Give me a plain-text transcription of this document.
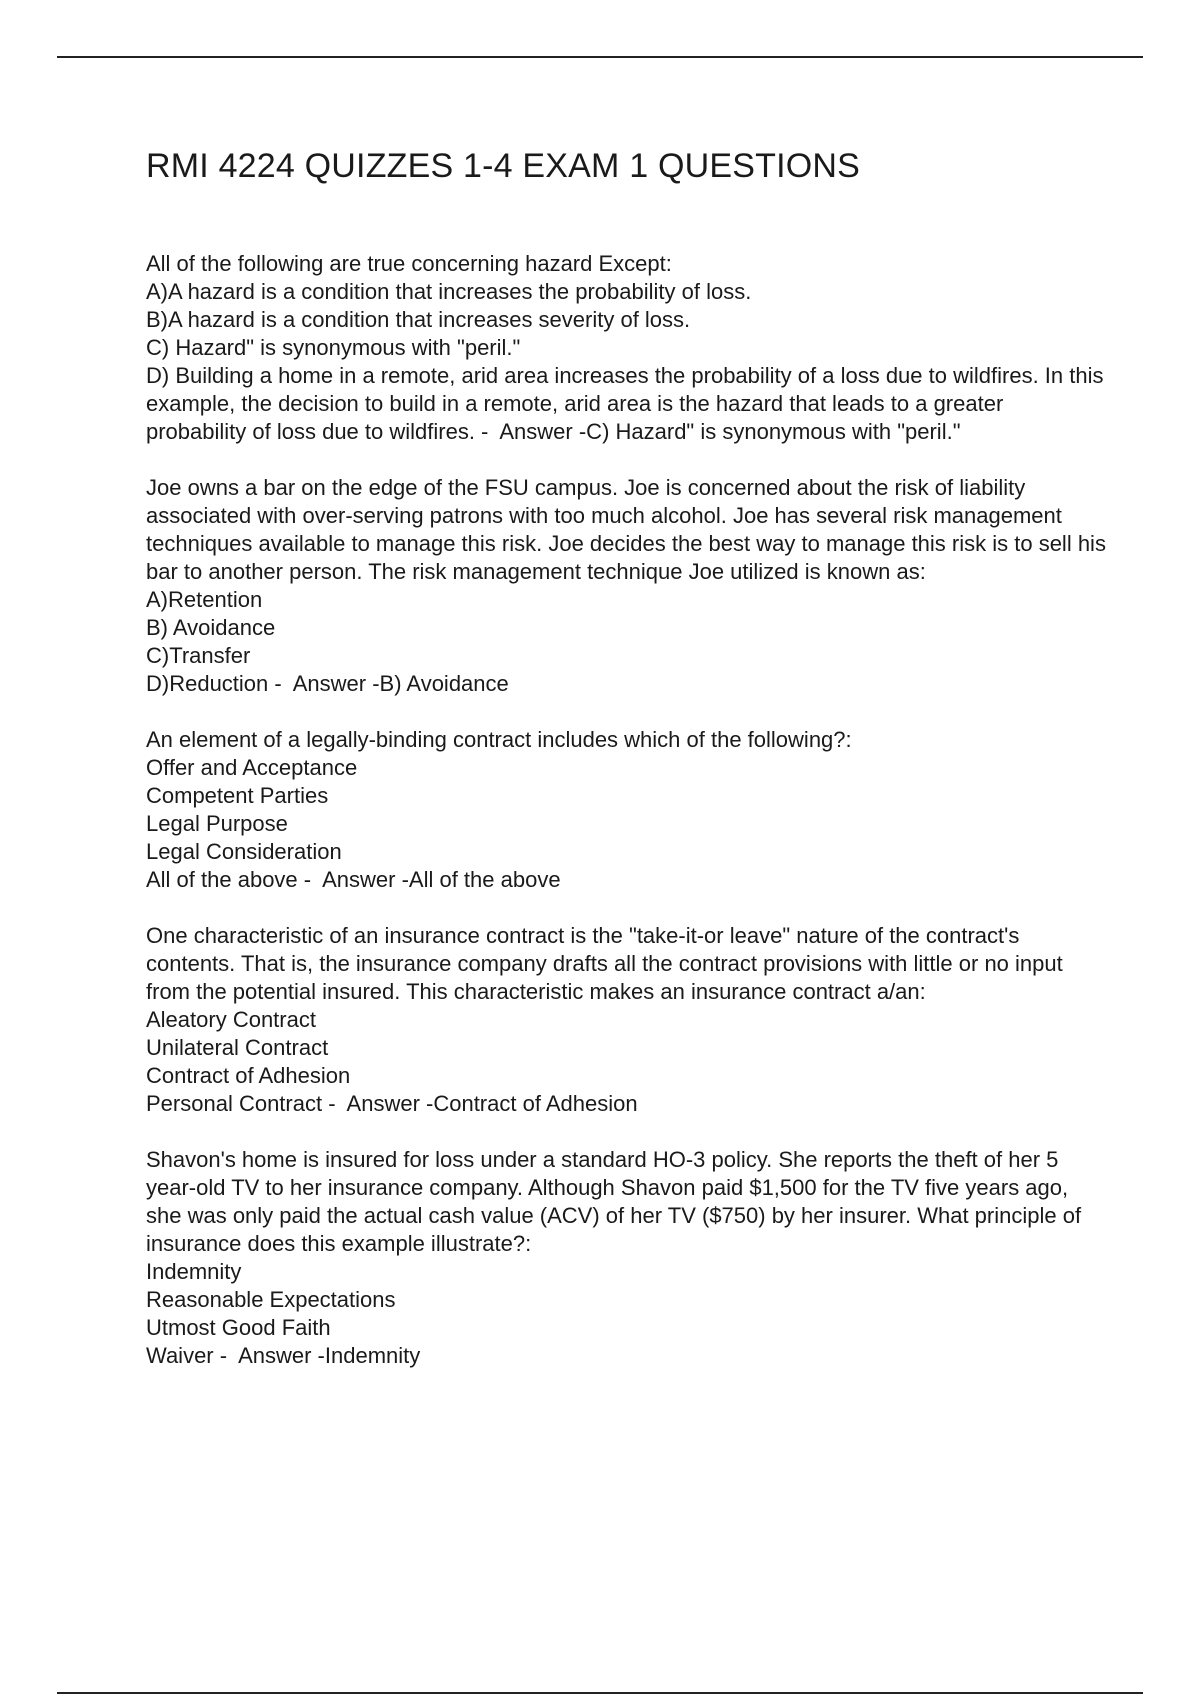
RMI 4224 QUIZZES 1-4 EXAM 1 QUESTIONS

All of the following are true concerning hazard Except:

A)A hazard is a condition that increases the probability of loss.

B)A hazard is a condition that increases severity of loss.

C) Hazard" is synonymous with "peril."

D) Building a home in a remote, arid area increases the probability of a loss due to wildfires. In this example, the decision to build in a remote, arid area is the hazard that leads to a greater probability of loss due to wildfires. -  Answer -C) Hazard" is synonymous with "peril."

Joe owns a bar on the edge of the FSU campus. Joe is concerned about the risk of liability associated with over-serving patrons with too much alcohol. Joe has several risk management techniques available to manage this risk. Joe decides the best way to manage this risk is to sell his bar to another person. The risk management technique Joe utilized is known as:

A)Retention

B) Avoidance

C)Transfer

D)Reduction -  Answer -B) Avoidance

An element of a legally-binding contract includes which of the following?:

Offer and Acceptance

Competent Parties

Legal Purpose

Legal Consideration

All of the above -  Answer -All of the above

One characteristic of an insurance contract is the "take-it-or leave" nature of the contract's contents. That is, the insurance company drafts all the contract provisions with little or no input from the potential insured. This characteristic makes an insurance contract a/an:

Aleatory Contract

Unilateral Contract

Contract of Adhesion

Personal Contract -  Answer -Contract of Adhesion

Shavon's home is insured for loss under a standard HO-3 policy. She reports the theft of her 5 year-old TV to her insurance company. Although Shavon paid $1,500 for the TV five years ago, she was only paid the actual cash value (ACV) of her TV ($750) by her insurer. What principle of insurance does this example illustrate?:

Indemnity

Reasonable Expectations

Utmost Good Faith

Waiver -  Answer -Indemnity
